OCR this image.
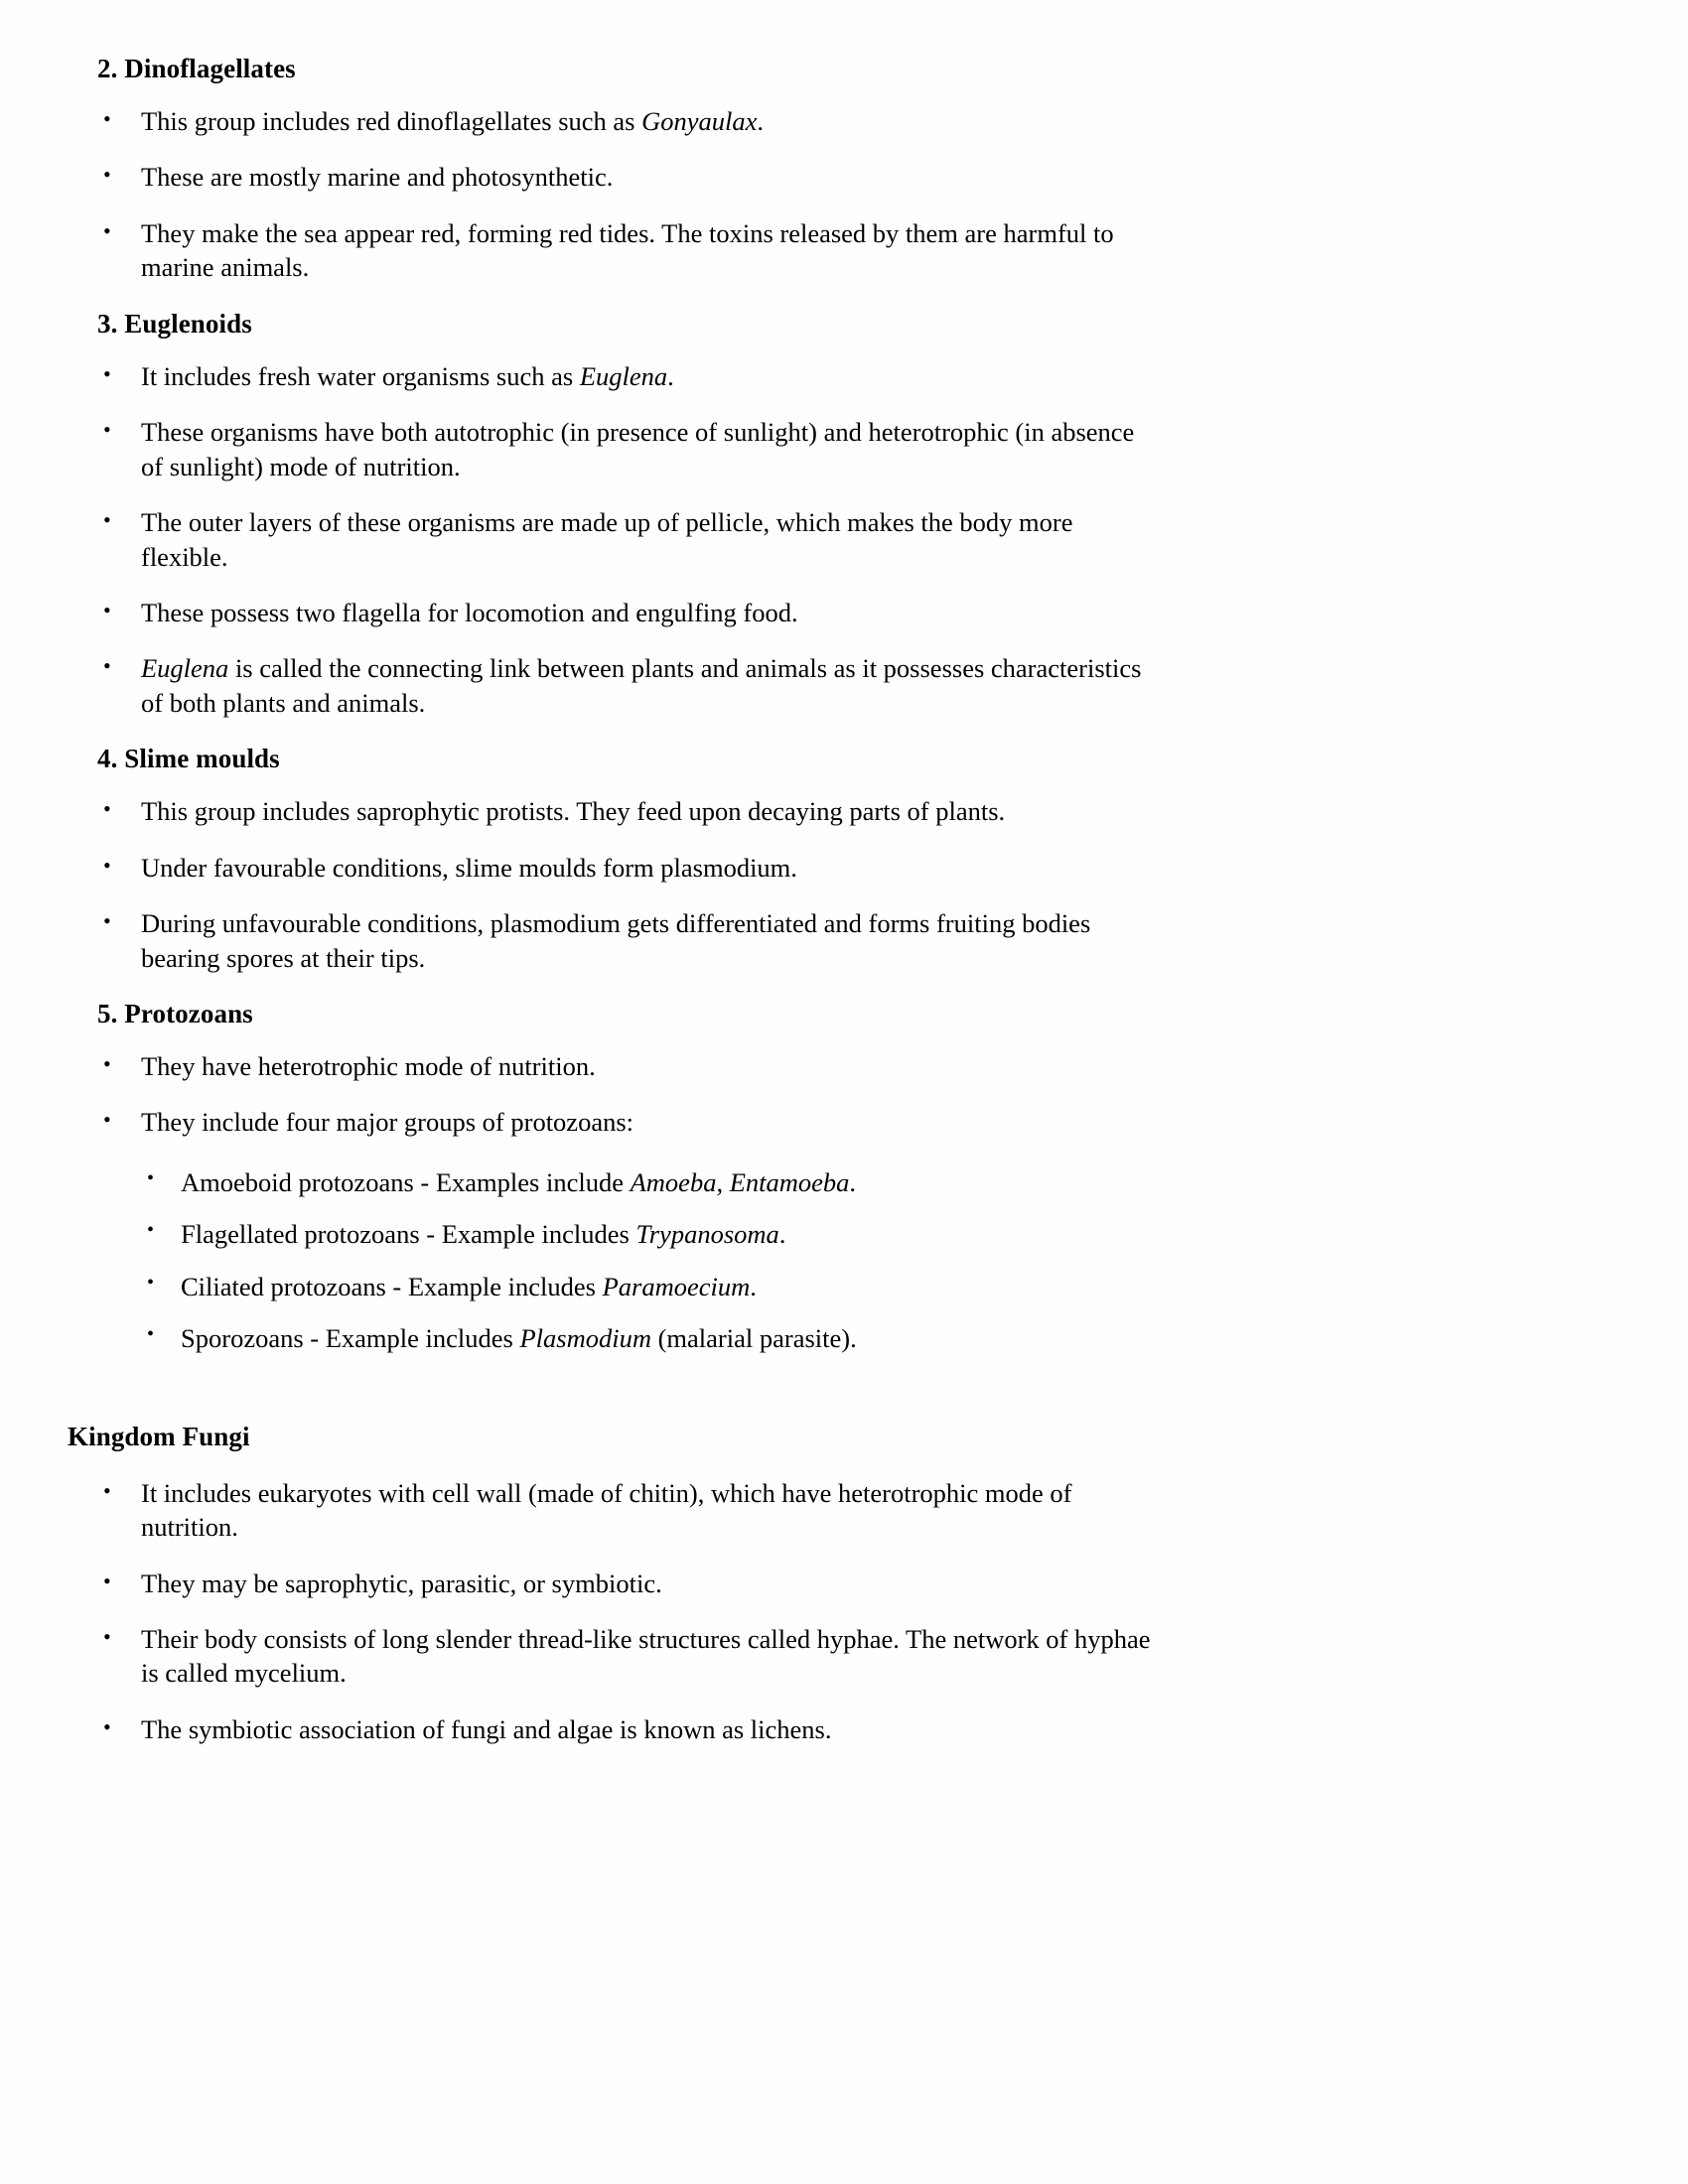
2. Dinoflagellates
• This group includes red dinoflagellates such as Gonyaulax.
• These are mostly marine and photosynthetic.
• They make the sea appear red, forming red tides. The toxins released by them are harmful to marine animals.
3. Euglenoids
• It includes fresh water organisms such as Euglena.
• These organisms have both autotrophic (in presence of sunlight) and heterotrophic (in absence of sunlight) mode of nutrition.
• The outer layers of these organisms are made up of pellicle, which makes the body more flexible.
• These possess two flagella for locomotion and engulfing food.
• Euglena is called the connecting link between plants and animals as it possesses characteristics of both plants and animals.
4. Slime moulds
• This group includes saprophytic protists. They feed upon decaying parts of plants.
• Under favourable conditions, slime moulds form plasmodium.
• During unfavourable conditions, plasmodium gets differentiated and forms fruiting bodies bearing spores at their tips.
5. Protozoans
• They have heterotrophic mode of nutrition.
• They include four major groups of protozoans:
• Amoeboid protozoans - Examples include Amoeba, Entamoeba.
• Flagellated protozoans - Example includes Trypanosoma.
• Ciliated protozoans - Example includes Paramoecium.
• Sporozoans - Example includes Plasmodium (malarial parasite).
Kingdom Fungi
• It includes eukaryotes with cell wall (made of chitin), which have heterotrophic mode of nutrition.
• They may be saprophytic, parasitic, or symbiotic.
• Their body consists of long slender thread-like structures called hyphae. The network of hyphae is called mycelium.
• The symbiotic association of fungi and algae is known as lichens.
